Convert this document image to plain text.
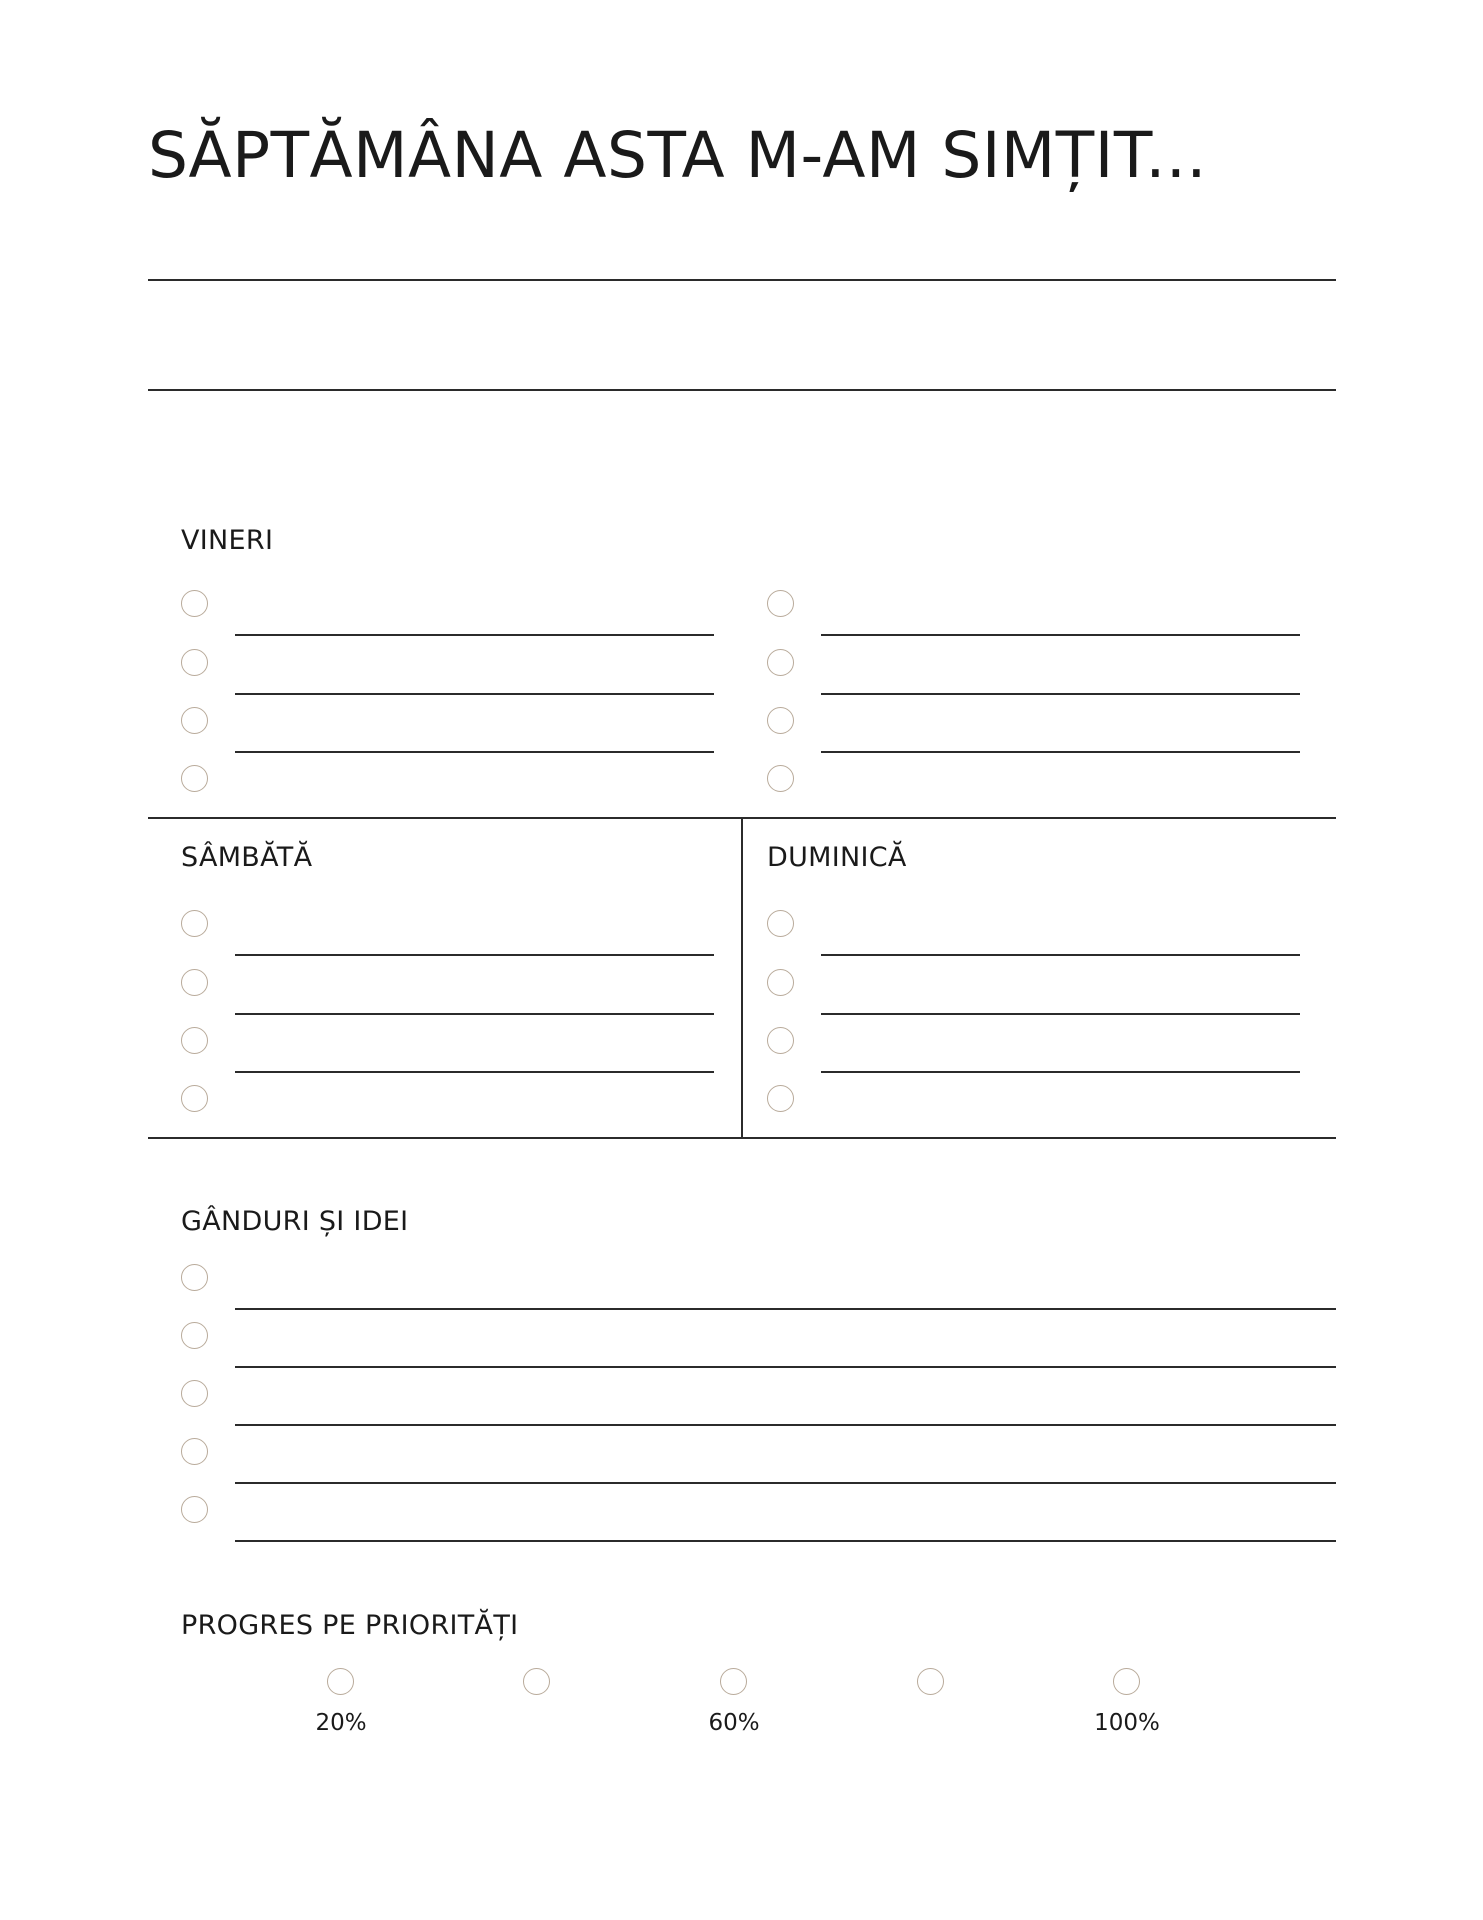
SĂPTĂMÂNA ASTA M-AM SIMȚIT...
VINERI
SÂMBĂTĂ	DUMINICĂ
GÂNDURI ȘI IDEI
PROGRES PE PRIORITĂȚI
20%	60%	100%
